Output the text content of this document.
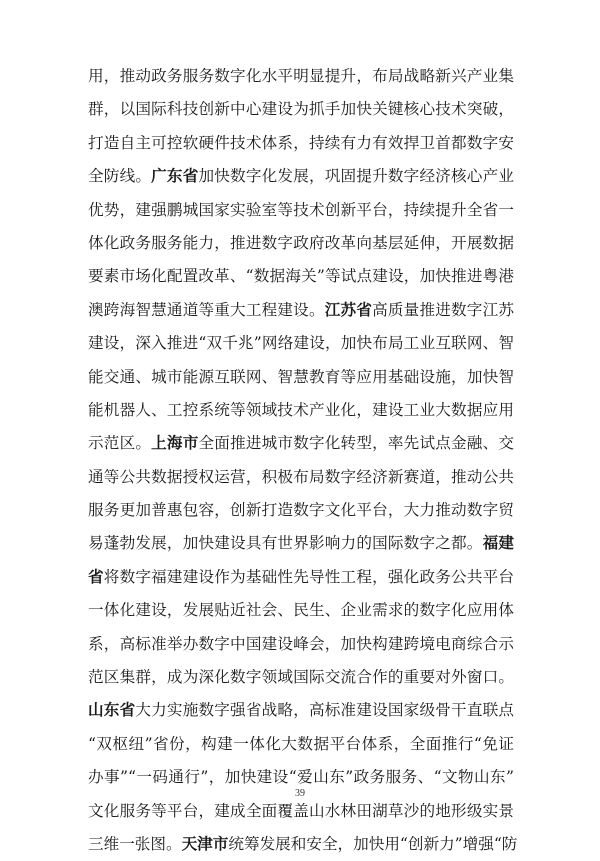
用，推动政务服务数字化水平明显提升，布局战略新兴产业集
群，以国际科技创新中心建设为抓手加快关键核心技术突破，
打造自主可控软硬件技术体系，持续有力有效捍卫首都数字安
全防线。广东省加快数字化发展，巩固提升数字经济核心产业
优势，建强鹏城国家实验室等技术创新平台，持续提升全省一
体化政务服务能力，推进数字政府改革向基层延伸，开展数据
要素市场化配置改革、“数据海关”等试点建设，加快推进粤港
澳跨海智慧通道等重大工程建设。江苏省高质量推进数字江苏
建设，深入推进“双千兆”网络建设，加快布局工业互联网、智
能交通、城市能源互联网、智慧教育等应用基础设施，加快智
能机器人、工控系统等领域技术产业化，建设工业大数据应用
示范区。上海市全面推进城市数字化转型，率先试点金融、交
通等公共数据授权运营，积极布局数字经济新赛道，推动公共
服务更加普惠包容，创新打造数字文化平台，大力推动数字贸
易蓬勃发展，加快建设具有世界影响力的国际数字之都。福建
省将数字福建建设作为基础性先导性工程，强化政务公共平台
一体化建设，发展贴近社会、民生、企业需求的数字化应用体
系，高标准举办数字中国建设峰会，加快构建跨境电商综合示
范区集群，成为深化数字领域国际交流合作的重要对外窗口。
山东省大力实施数字强省战略，高标准建设国家级骨干直联点
“双枢纽”省份，构建一体化大数据平台体系，全面推行“免证
办事”“一码通行”，加快建设“爱山东”政务服务、“文物山东”
文化服务等平台，建成全面覆盖山水林田湖草沙的地形级实景
三维一张图。天津市统筹发展和安全，加快用“创新力”增强“防
39
